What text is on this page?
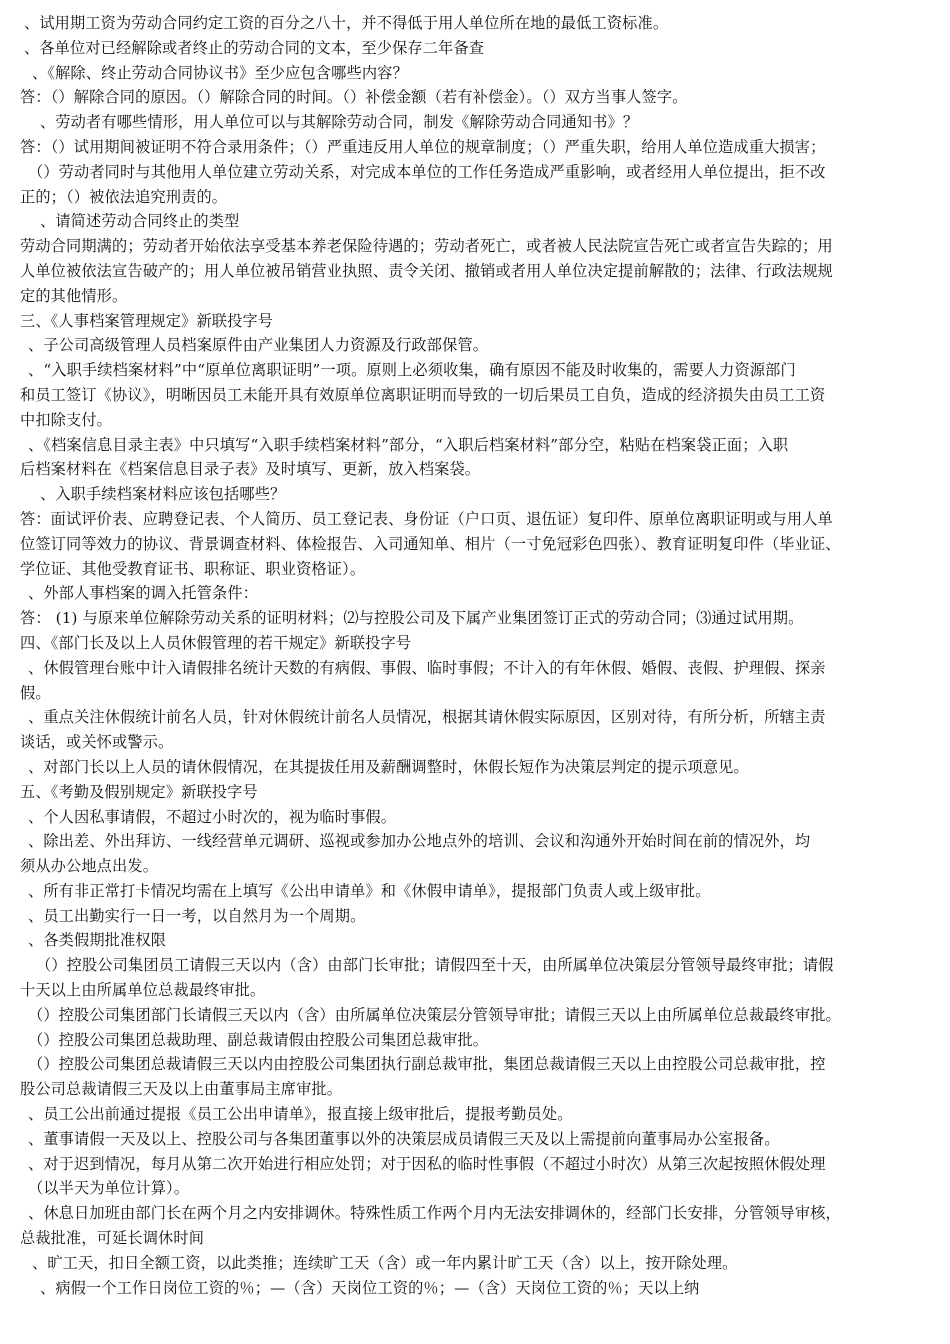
、试用期工资为劳动合同约定工资的百分之八十，并不得低于用人单位所在地的最低工资标准。
、各单位对已经解除或者终止的劳动合同的文本，至少保存二年备查
、《解除、终止劳动合同协议书》至少应包含哪些内容？
答：（）解除合同的原因。（）解除合同的时间。（）补偿金额（若有补偿金）。（）双方当事人签字。
、劳动者有哪些情形，用人单位可以与其解除劳动合同，制发《解除劳动合同通知书》？
答：（）试用期间被证明不符合录用条件；（）严重违反用人单位的规章制度；（）严重失职，给用人单位造成重大损害；
（）劳动者同时与其他用人单位建立劳动关系，对完成本单位的工作任务造成严重影响，或者经用人单位提出，拒不改
正的；（）被依法追究刑责的。
、请简述劳动合同终止的类型
劳动合同期满的；劳动者开始依法享受基本养老保险待遇的；劳动者死亡，或者被人民法院宣告死亡或者宣告失踪的；用
人单位被依法宣告破产的；用人单位被吊销营业执照、责令关闭、撤销或者用人单位决定提前解散的；法律、行政法规规
定的其他情形。
三、《人事档案管理规定》新联投字号
、子公司高级管理人员档案原件由产业集团人力资源及行政部保管。
、“入职手续档案材料”中“原单位离职证明”一项。原则上必须收集，确有原因不能及时收集的，需要人力资源部门
和员工签订《协议》，明晰因员工未能开具有效原单位离职证明而导致的一切后果员工自负，造成的经济损失由员工工资
中扣除支付。
、《档案信息目录主表》中只填写“入职手续档案材料”部分，“入职后档案材料”部分空，粘贴在档案袋正面；入职
后档案材料在《档案信息目录子表》及时填写、更新，放入档案袋。
、入职手续档案材料应该包括哪些？
答：面试评价表、应聘登记表、个人简历、员工登记表、身份证（户口页、退伍证）复印件、原单位离职证明或与用人单
位签订同等效力的协议、背景调查材料、体检报告、入司通知单、相片（一寸免冠彩色四张）、教育证明复印件（毕业证、
学位证、其他受教育证书、职称证、职业资格证）。
、外部人事档案的调入托管条件：
答： (1) 与原来单位解除劳动关系的证明材料；⑵与控股公司及下属产业集团签订正式的劳动合同；⑶通过试用期。
四、《部门长及以上人员休假管理的若干规定》新联投字号
、休假管理台账中计入请假排名统计天数的有病假、事假、临时事假；不计入的有年休假、婚假、丧假、护理假、探亲
假。
、重点关注休假统计前名人员，针对休假统计前名人员情况，根据其请休假实际原因，区别对待，有所分析，所辖主责
谈话，或关怀或警示。
、对部门长以上人员的请休假情况，在其提拔任用及薪酬调整时，休假长短作为决策层判定的提示项意见。
五、《考勤及假别规定》新联投字号
、个人因私事请假，不超过小时次的，视为临时事假。
、除出差、外出拜访、一线经营单元调研、巡视或参加办公地点外的培训、会议和沟通外开始时间在前的情况外，均
须从办公地点出发。
、所有非正常打卡情况均需在上填写《公出申请单》和《休假申请单》，提报部门负责人或上级审批。
、员工出勤实行一日一考，以自然月为一个周期。
、各类假期批准权限
（）控股公司集团员工请假三天以内（含）由部门长审批；请假四至十天，由所属单位决策层分管领导最终审批；请假
十天以上由所属单位总裁最终审批。
（）控股公司集团部门长请假三天以内（含）由所属单位决策层分管领导审批；请假三天以上由所属单位总裁最终审批。
（）控股公司集团总裁助理、副总裁请假由控股公司集团总裁审批。
（）控股公司集团总裁请假三天以内由控股公司集团执行副总裁审批，集团总裁请假三天以上由控股公司总裁审批，控
股公司总裁请假三天及以上由董事局主席审批。
、员工公出前通过提报《员工公出申请单》，报直接上级审批后，提报考勤员处。
、董事请假一天及以上、控股公司与各集团董事以外的决策层成员请假三天及以上需提前向董事局办公室报备。
、对于迟到情况，每月从第二次开始进行相应处罚；对于因私的临时性事假（不超过小时次）从第三次起按照休假处理
（以半天为单位计算）。
、休息日加班由部门长在两个月之内安排调休。特殊性质工作两个月内无法安排调休的，经部门长安排，分管领导审核，
总裁批准，可延长调休时间
、旷工天，扣日全额工资，以此类推；连续旷工天（含）或一年内累计旷工天（含）以上，按开除处理。
、病假一个工作日岗位工资的％；—（含）天岗位工资的％；—（含）天岗位工资的％；天以上纳
